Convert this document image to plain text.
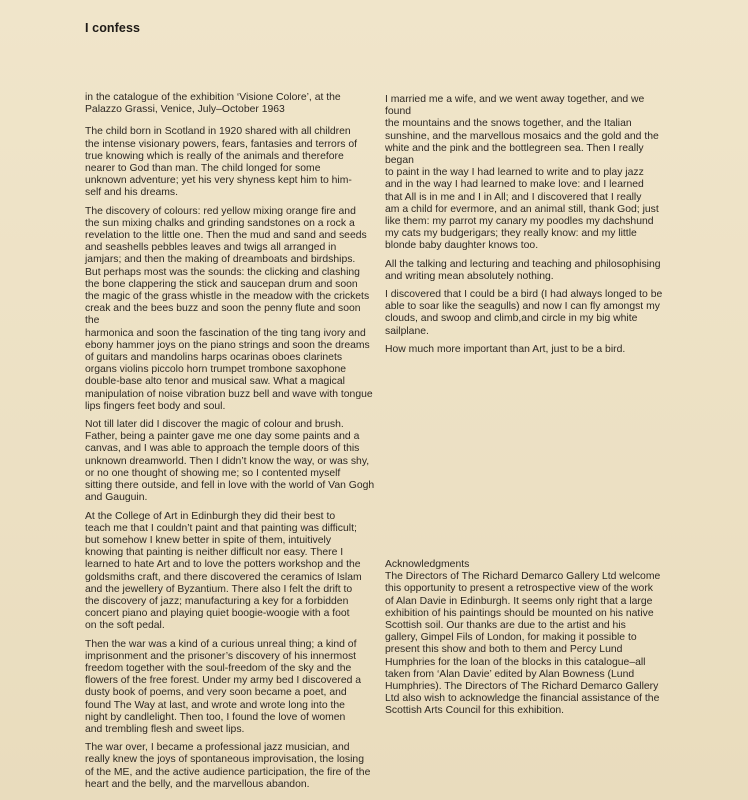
I confess

in the catalogue of the exhibition ‘Visione Colore’, at the
Palazzo Grassi, Venice, July–October 1963

The child born in Scotland in 1920 shared with all children
the intense visionary powers, fears, fantasies and terrors of
true knowing which is really of the animals and therefore
nearer to God than man. The child longed for some
unknown adventure; yet his very shyness kept him to him-
self and his dreams.

The discovery of colours: red yellow mixing orange fire and
the sun mixing chalks and grinding sandstones on a rock a
revelation to the little one. Then the mud and sand and seeds
and seashells pebbles leaves and twigs all arranged in
jamjars; and then the making of dreamboats and birdships.
But perhaps most was the sounds: the clicking and clashing
the bone clappering the stick and saucepan drum and soon
the magic of the grass whistle in the meadow with the crickets
creak and the bees buzz and soon the penny flute and soon the
harmonica and soon the fascination of the ting tang ivory and
ebony hammer joys on the piano strings and soon the dreams
of guitars and mandolins harps ocarinas oboes clarinets
organs violins piccolo horn trumpet trombone saxophone
double-base alto tenor and musical saw. What a magical
manipulation of noise vibration buzz bell and wave with tongue
lips fingers feet body and soul.

Not till later did I discover the magic of colour and brush.
Father, being a painter gave me one day some paints and a
canvas, and I was able to approach the temple doors of this
unknown dreamworld. Then I didn’t know the way, or was shy,
or no one thought of showing me; so I contented myself
sitting there outside, and fell in love with the world of Van Gogh
and Gauguin.

At the College of Art in Edinburgh they did their best to
teach me that I couldn’t paint and that painting was difficult;
but somehow I knew better in spite of them, intuitively
knowing that painting is neither difficult nor easy. There I
learned to hate Art and to love the potters workshop and the
goldsmiths craft, and there discovered the ceramics of Islam
and the jewellery of Byzantium. There also I felt the drift to
the discovery of jazz; manufacturing a key for a forbidden
concert piano and playing quiet boogie-woogie with a foot
on the soft pedal.

Then the war was a kind of a curious unreal thing; a kind of
imprisonment and the prisoner’s discovery of his innermost
freedom together with the soul-freedom of the sky and the
flowers of the free forest. Under my army bed I discovered a
dusty book of poems, and very soon became a poet, and
found The Way at last, and wrote and wrote long into the
night by candlelight. Then too, I found the love of women
and trembling flesh and sweet lips.

The war over, I became a professional jazz musician, and
really knew the joys of spontaneous improvisation, the losing
of the ME, and the active audience participation, the fire of the
heart and the belly, and the marvellous abandon.

I married me a wife, and we went away together, and we found
the mountains and the snows together, and the Italian
sunshine, and the marvellous mosaics and the gold and the
white and the pink and the bottlegreen sea. Then I really began
to paint in the way I had learned to write and to play jazz
and in the way I had learned to make love: and I learned
that All is in me and I in All; and I discovered that I really
am a child for evermore, and an animal still, thank God; just
like them: my parrot my canary my poodles my dachshund
my cats my budgerigars; they really know: and my little
blonde baby daughter knows too.

All the talking and lecturing and teaching and philosophising
and writing mean absolutely nothing.

I discovered that I could be a bird (I had always longed to be
able to soar like the seagulls) and now I can fly amongst my
clouds, and swoop and climb,and circle in my big white
sailplane.

How much more important than Art, just to be a bird.

Acknowledgments

The Directors of The Richard Demarco Gallery Ltd welcome
this opportunity to present a retrospective view of the work
of Alan Davie in Edinburgh. It seems only right that a large
exhibition of his paintings should be mounted on his native
Scottish soil. Our thanks are due to the artist and his
gallery, Gimpel Fils of London, for making it possible to
present this show and both to them and Percy Lund
Humphries for the loan of the blocks in this catalogue–all
taken from ‘Alan Davie’ edited by Alan Bowness (Lund
Humphries). The Directors of The Richard Demarco Gallery
Ltd also wish to acknowledge the financial assistance of the
Scottish Arts Council for this exhibition.
